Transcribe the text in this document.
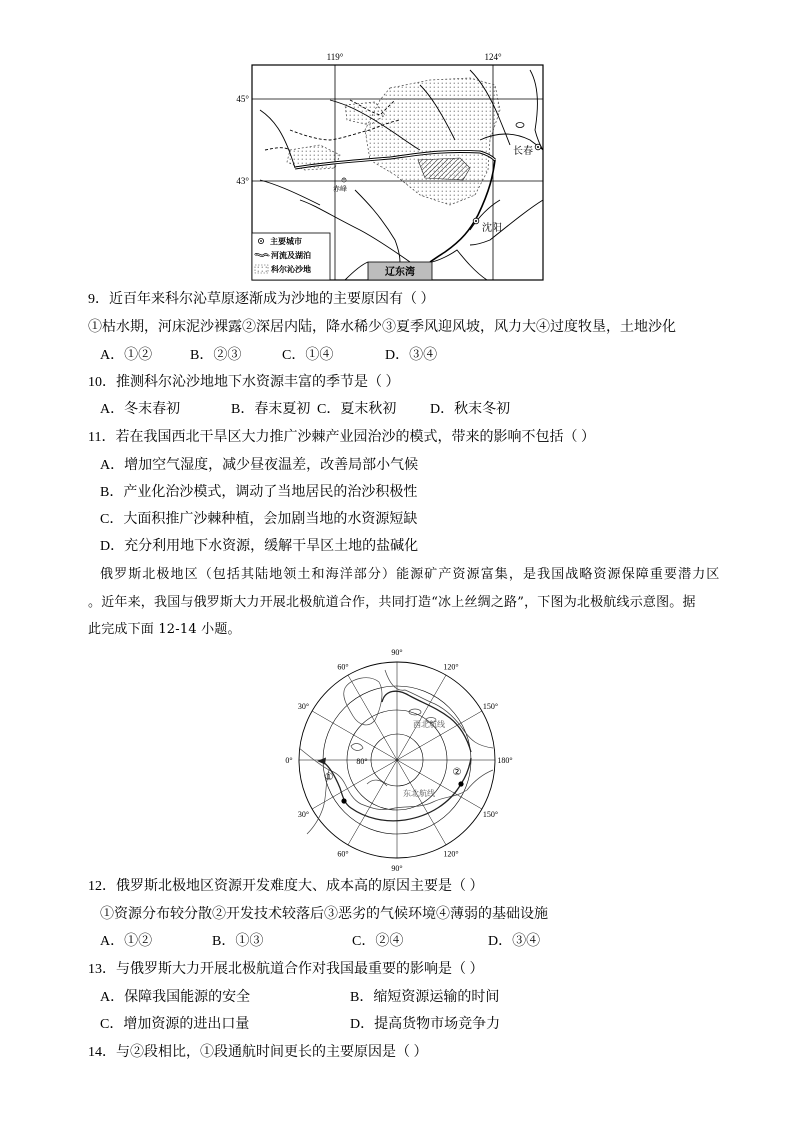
辽东湾
长春
沈阳
赤峰
119°	124°
45°
43°
主要城市
河流及湖泊
科尔沁沙地
9．近百年来科尔沁草原逐渐成为沙地的主要原因有（ ）
①枯水期，河床泥沙裸露②深居内陆，降水稀少③夏季风迎风坡，风力大④过度牧垦，土地沙化
A．①②	B．②③	C．①④	D．③④
10．推测科尔沁沙地地下水资源丰富的季节是（ ）
A．冬末春初	B．春末夏初 C．夏末秋初 D．秋末冬初
11．若在我国西北干旱区大力推广沙棘产业园治沙的模式，带来的影响不包括（ ）
A．增加空气湿度，减少昼夜温差，改善局部小气候
B．产业化治沙模式，调动了当地居民的治沙积极性
C．大面积推广沙棘种植，会加剧当地的水资源短缺
D．充分利用地下水资源，缓解干旱区土地的盐碱化
俄罗斯北极地区（包括其陆地领土和海洋部分）能源矿产资源富集，是我国战略资源保障重要潜力区
。近年来，我国与俄罗斯大力开展北极航道合作，共同打造“冰上丝绸之路”，下图为北极航线示意图。据
此完成下面 12-14 小题。
90°
120°
150°
180°
150°
120°
90°
60°
30°
0°
30°
60°
80°
西北航线
东北航线
①	②
12．俄罗斯北极地区资源开发难度大、成本高的原因主要是（ ）
①资源分布较分散②开发技术较落后③恶劣的气候环境④薄弱的基础设施
A．①②	B．①③	C．②④	D．③④
13．与俄罗斯大力开展北极航道合作对我国最重要的影响是（ ）
A．保障我国能源的安全	B．缩短资源运输的时间
C．增加资源的进出口量	D．提高货物市场竞争力
14．与②段相比，①段通航时间更长的主要原因是（ ）
